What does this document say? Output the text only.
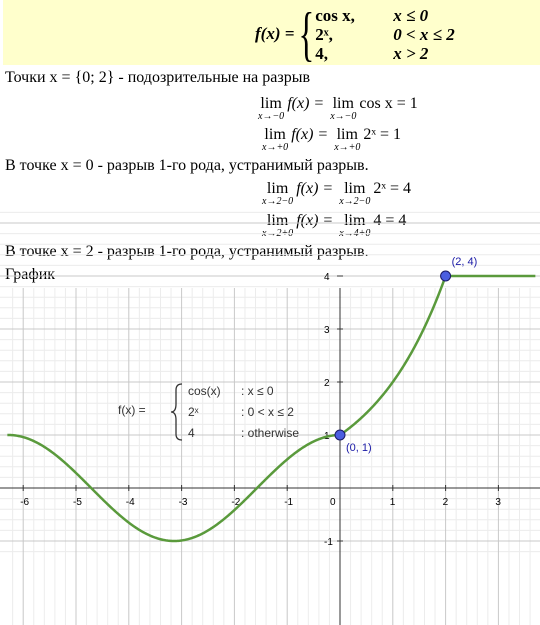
f(x) = { cos x,	x ≤ 0
2ˣ,	0 < x ≤ 2
4,	x > 2
Точки x = {0; 2} - подозрительные на разрыв
lim
x→−0
f(x) = lim
x→−0
cos x = 1
lim
x→+0
f(x) = lim
x→+0
2ˣ = 1
В точке x = 0 - разрыв 1-го рода, устранимый разрыв.
lim
x→2−0
f(x) = lim
x→2−0
2ˣ = 4
lim
x→2+0
f(x) = lim
x→4+0
4 = 4
В точке x = 2 - разрыв 1-го рода, устранимый разрыв.
График
-6	-5	-4	-3	-2	-1	0	1	2	3
-1
1
2
3
4
f(x) =
cos(x) : x ≤ 0
2ˣ	: 0 < x ≤ 2
4	: otherwise
(0, 1)
(2, 4)
